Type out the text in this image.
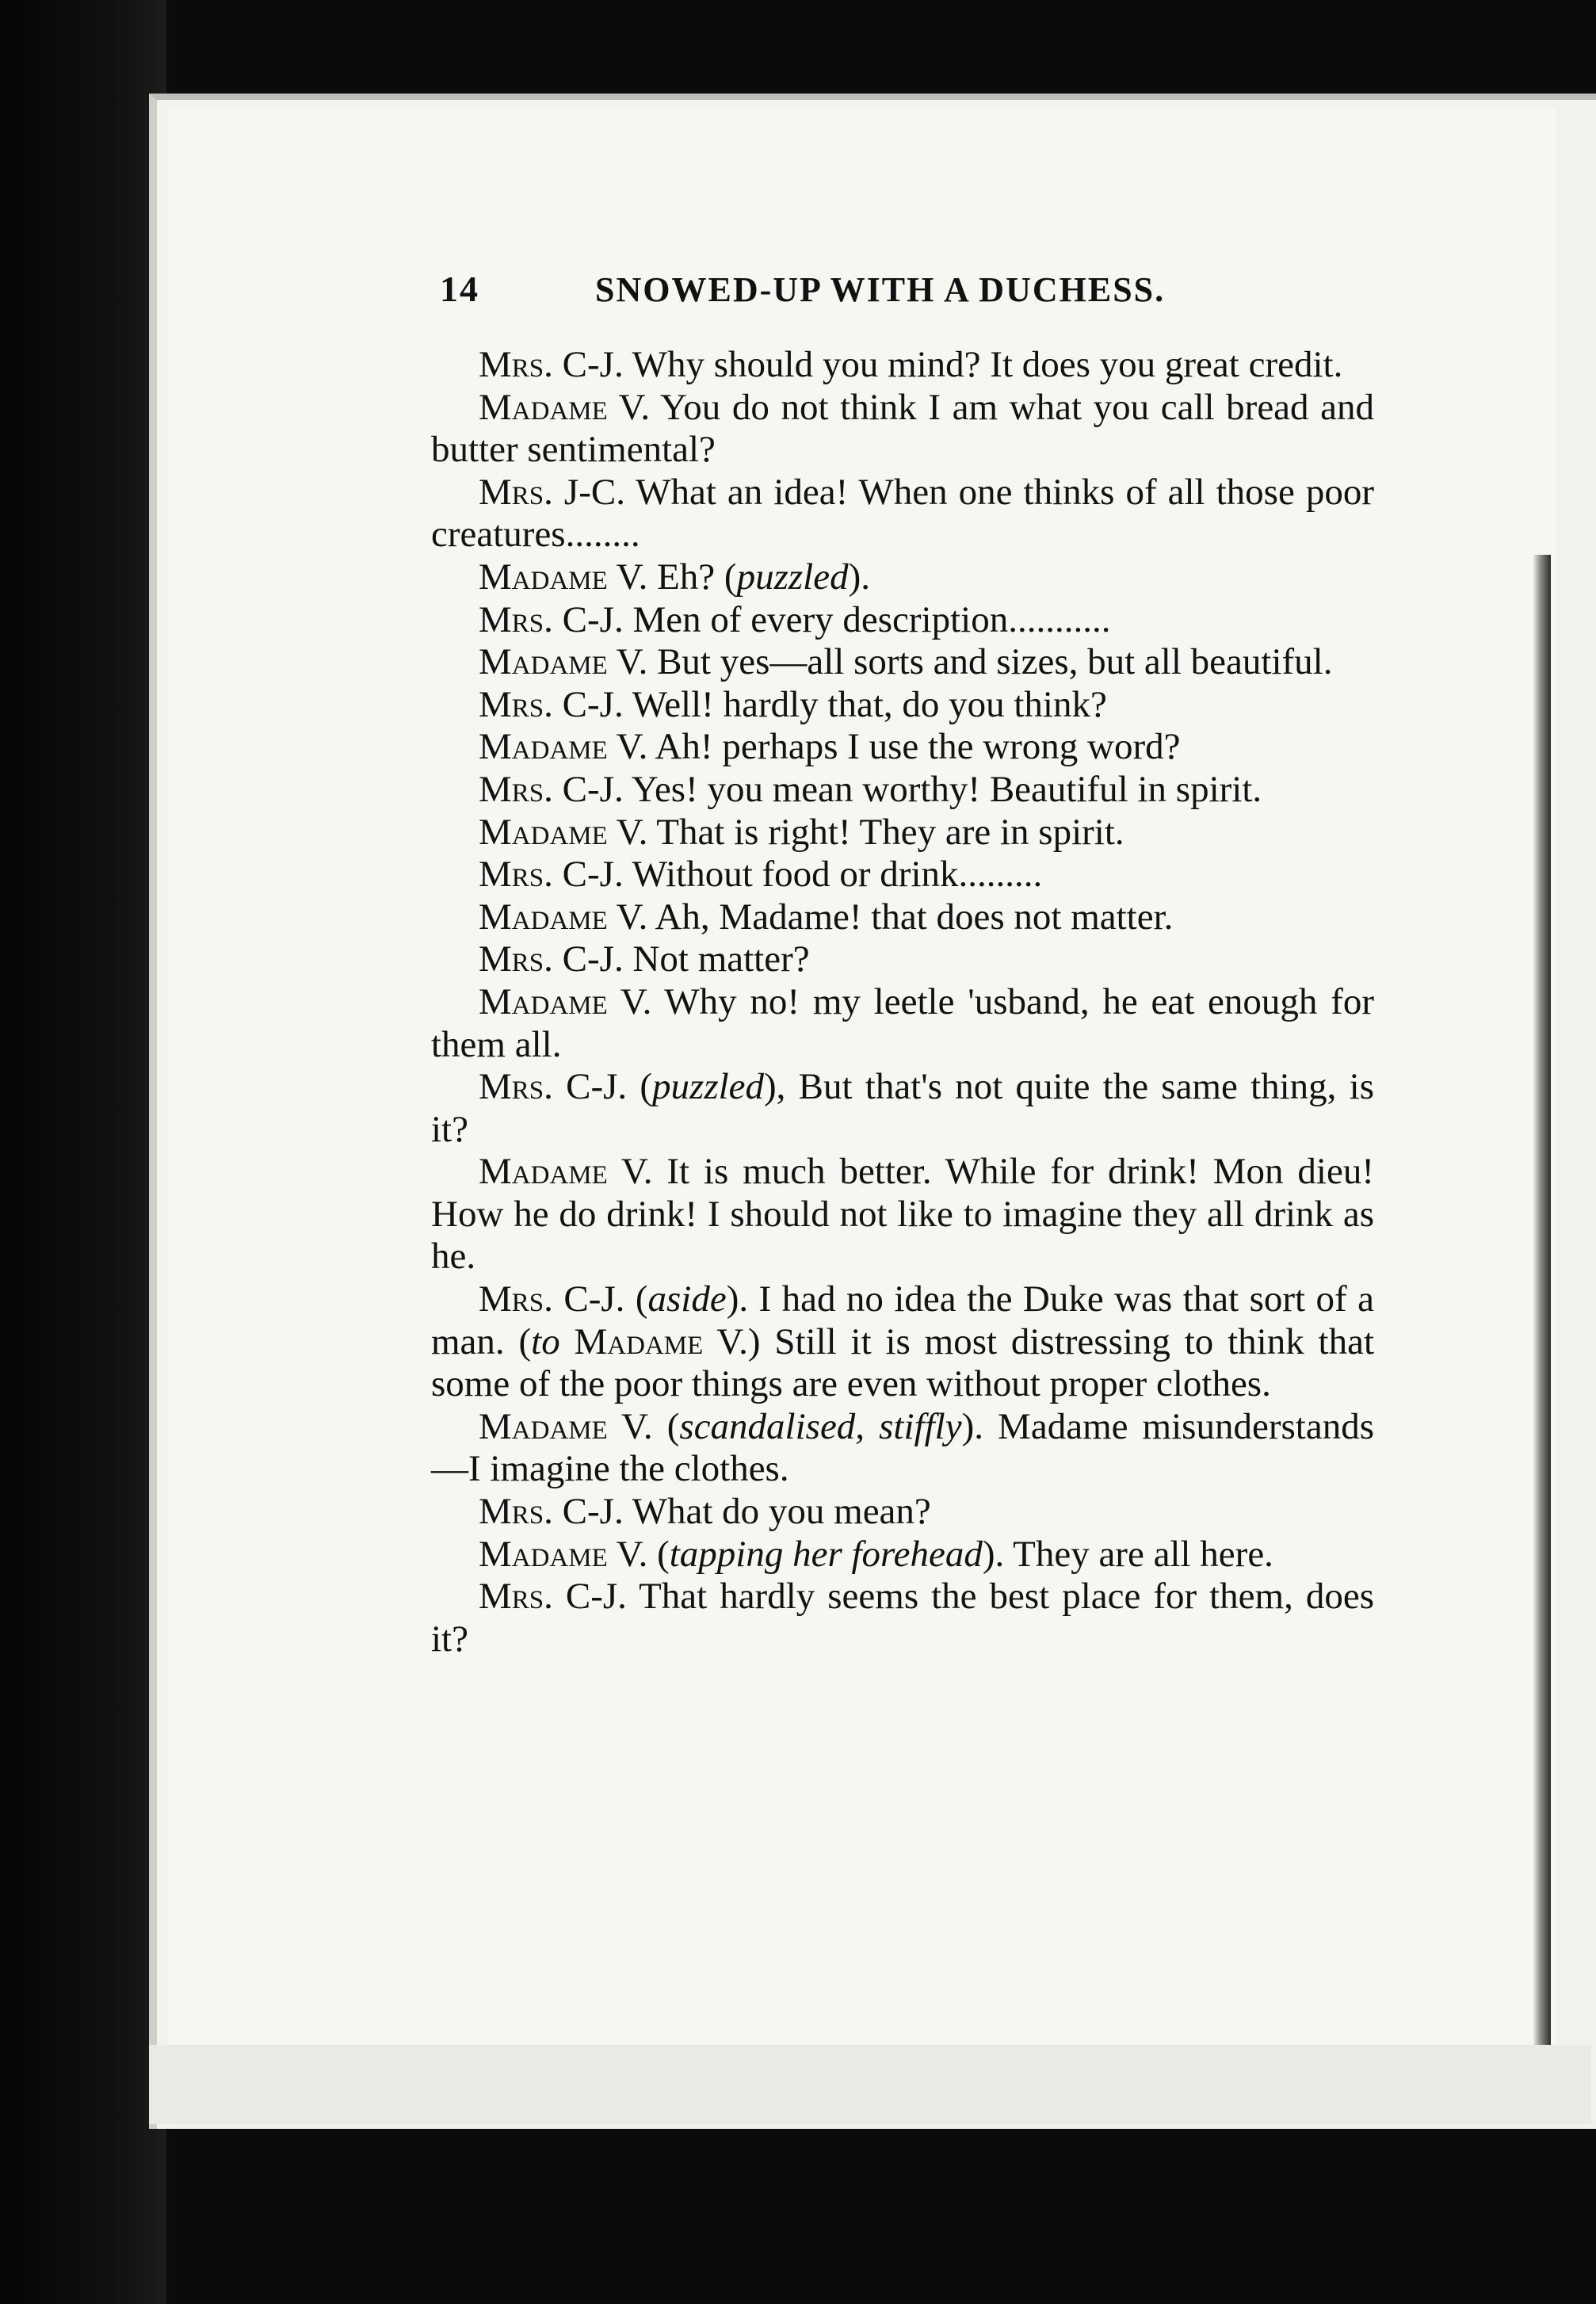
14	SNOWED-UP WITH A DUCHESS.

Mrs. C-J. Why should you mind? It does you great credit.

Madame V. You do not think I am what you call bread and butter sentimental?

Mrs. J-C. What an idea! When one thinks of all those poor creatures........

Madame V. Eh? (puzzled).

Mrs. C-J. Men of every description...........

Madame V. But yes—all sorts and sizes, but all beautiful.

Mrs. C-J. Well! hardly that, do you think?

Madame V. Ah! perhaps I use the wrong word?

Mrs. C-J. Yes! you mean worthy! Beautiful in spirit.

Madame V. That is right! They are in spirit.

Mrs. C-J. Without food or drink.........

Madame V. Ah, Madame! that does not matter.

Mrs. C-J. Not matter?

Madame V. Why no! my leetle 'usband, he eat enough for them all.

Mrs. C-J. (puzzled), But that's not quite the same thing, is it?

Madame V. It is much better. While for drink! Mon dieu! How he do drink! I should not like to imagine they all drink as he.

Mrs. C-J. (aside). I had no idea the Duke was that sort of a man. (to Madame V.) Still it is most distressing to think that some of the poor things are even without proper clothes.

Madame V. (scandalised, stiffly). Madame misunderstands—I imagine the clothes.

Mrs. C-J. What do you mean?

Madame V. (tapping her forehead). They are all here.

Mrs. C-J. That hardly seems the best place for them, does it?
